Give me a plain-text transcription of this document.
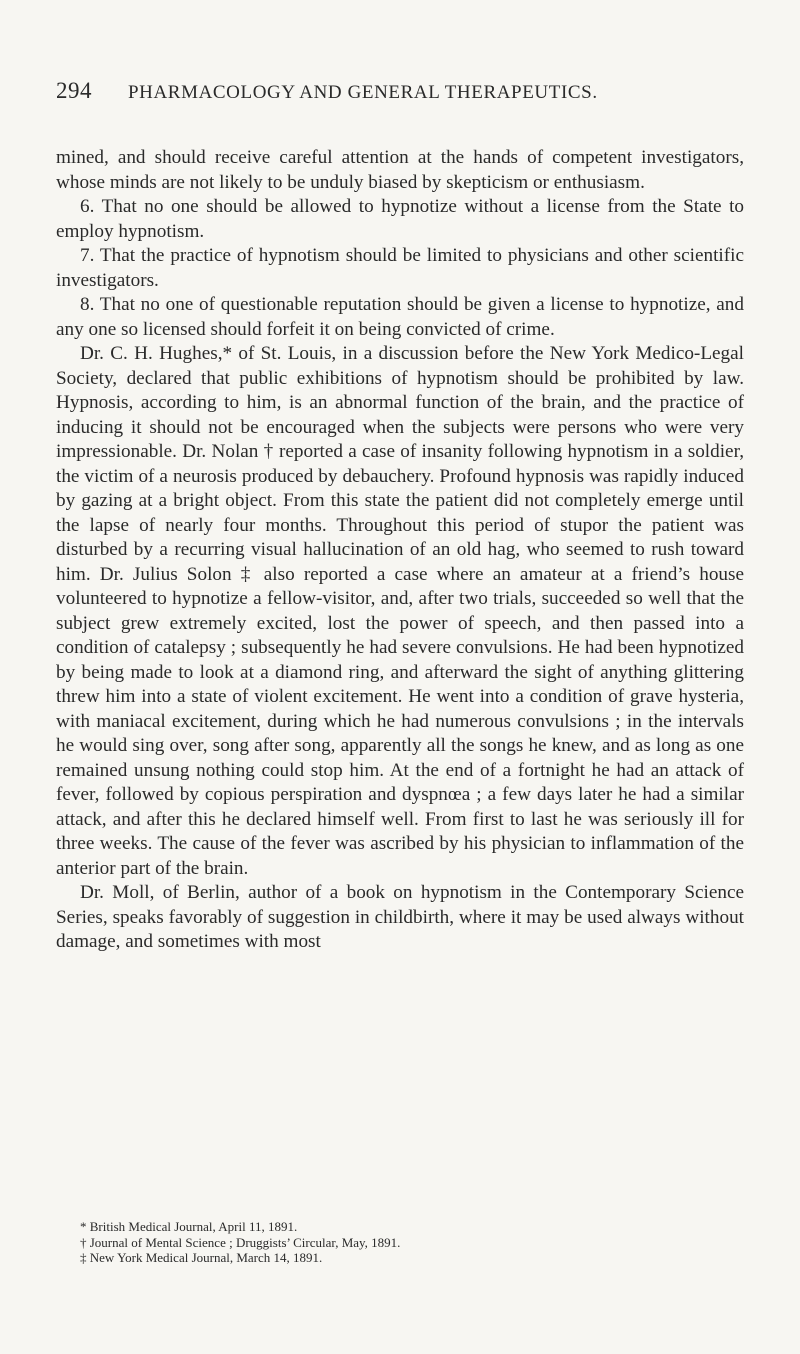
294 PHARMACOLOGY AND GENERAL THERAPEUTICS.

mined, and should receive careful attention at the hands of competent investigators, whose minds are not likely to be unduly biased by skepticism or enthusiasm.

6. That no one should be allowed to hypnotize without a license from the State to employ hypnotism.

7. That the practice of hypnotism should be limited to physicians and other scientific investigators.

8. That no one of questionable reputation should be given a license to hypnotize, and any one so licensed should forfeit it on being convicted of crime.

Dr. C. H. Hughes,* of St. Louis, in a discussion before the New York Medico-Legal Society, declared that public exhibitions of hypnotism should be prohibited by law. Hypnosis, according to him, is an abnormal function of the brain, and the practice of inducing it should not be encouraged when the subjects were persons who were very impressionable. Dr. Nolan † reported a case of insanity following hypnotism in a soldier, the victim of a neurosis produced by debauchery. Profound hypnosis was rapidly induced by gazing at a bright object. From this state the patient did not completely emerge until the lapse of nearly four months. Throughout this period of stupor the patient was disturbed by a recurring visual hallucination of an old hag, who seemed to rush toward him. Dr. Julius Solon ‡ also reported a case where an amateur at a friend’s house volunteered to hypnotize a fellow-visitor, and, after two trials, succeeded so well that the subject grew extremely excited, lost the power of speech, and then passed into a condition of catalepsy ; subsequently he had severe convulsions. He had been hypnotized by being made to look at a diamond ring, and afterward the sight of anything glittering threw him into a state of violent excitement. He went into a condition of grave hysteria, with maniacal excitement, during which he had numerous convulsions ; in the intervals he would sing over, song after song, apparently all the songs he knew, and as long as one remained unsung nothing could stop him. At the end of a fortnight he had an attack of fever, followed by copious perspiration and dyspnœa ; a few days later he had a similar attack, and after this he declared himself well. From first to last he was seriously ill for three weeks. The cause of the fever was ascribed by his physician to inflammation of the anterior part of the brain.

Dr. Moll, of Berlin, author of a book on hypnotism in the Contemporary Science Series, speaks favorably of suggestion in childbirth, where it may be used always without damage, and sometimes with most

* British Medical Journal, April 11, 1891.
† Journal of Mental Science ; Druggists’ Circular, May, 1891.
‡ New York Medical Journal, March 14, 1891.
